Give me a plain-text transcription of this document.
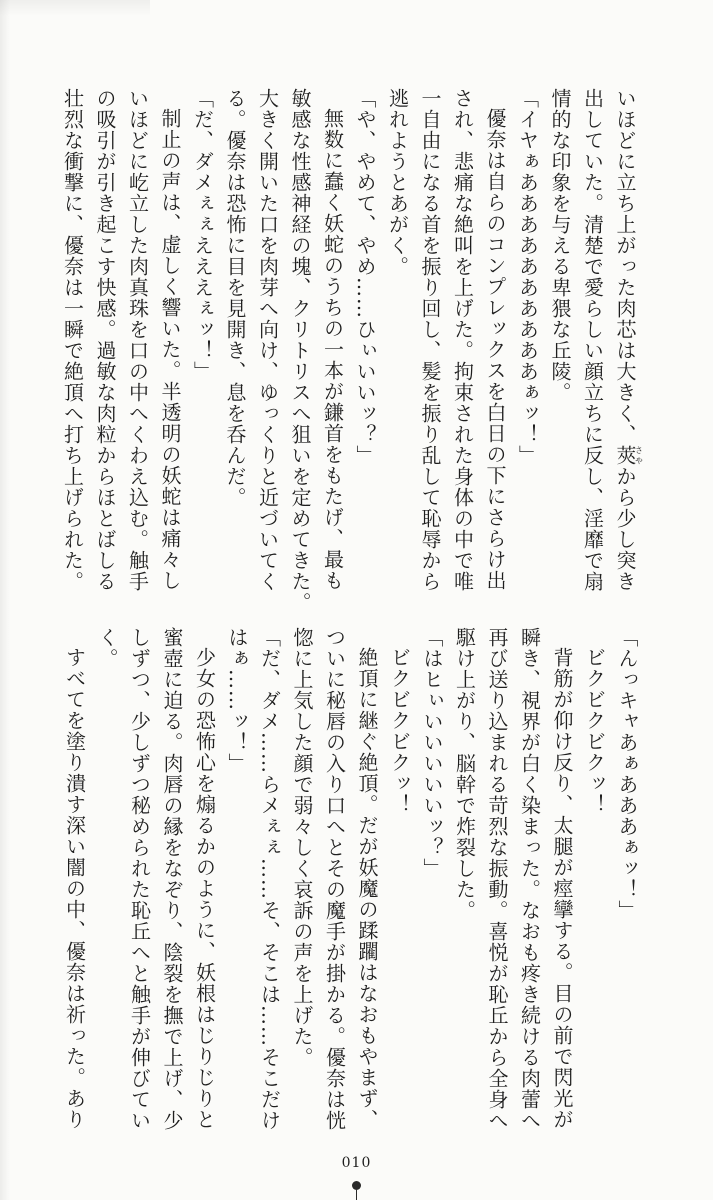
いほどに立ち上がった肉芯は大きく、莢さやから少し突き
出していた。清楚で愛らしい顔立ちに反し、淫靡で扇
情的な印象を与える卑猥な丘陵。
「イヤぁああああああああああぁッ！」
優奈は自らのコンプレックスを白日の下にさらけ出
され、悲痛な絶叫を上げた。拘束された身体の中で唯
一自由になる首を振り回し、髪を振り乱して恥辱から
逃れようとあがく。
「や、やめて、やめ……ひぃいいッ？」
無数に蠢く妖蛇のうちの一本が鎌首をもたげ、最も
敏感な性感神経の塊、クリトリスへ狙いを定めてきた。
大きく開いた口を肉芽へ向け、ゆっくりと近づいてく
る。優奈は恐怖に目を見開き、息を呑んだ。
「だ、ダメぇぇえええぇッ！」
制止の声は、虚しく響いた。半透明の妖蛇は痛々し
いほどに屹立した肉真珠を口の中へくわえ込む。触手
の吸引が引き起こす快感。過敏な肉粒からほとばしる
壮烈な衝撃に、優奈は一瞬で絶頂へ打ち上げられた。
「んっキャあぁあああぁッ！」
ビクビクビクッ！
背筋が仰け反り、太腿が痙攣する。目の前で閃光が
瞬き、視界が白く染まった。なおも疼き続ける肉蕾へ
再び送り込まれる苛烈な振動。喜悦が恥丘から全身へ
駆け上がり、脳幹で炸裂した。
「はヒぃいいいいいッ？」
ビクビクビクッ！
絶頂に継ぐ絶頂。だが妖魔の蹂躙はなおもやまず、
ついに秘唇の入り口へとその魔手が掛かる。優奈は恍
惚に上気した顔で弱々しく哀訴の声を上げた。
「だ、ダメ……らメぇぇ……そ、そこは……そこだけ
はぁ……ッ！」
少女の恐怖心を煽るかのように、妖根はじりじりと
蜜壺に迫る。肉唇の縁をなぞり、陰裂を撫で上げ、少
しずつ、少しずつ秘められた恥丘へと触手が伸びてい
く。
すべてを塗り潰す深い闇の中、優奈は祈った。あり
010
